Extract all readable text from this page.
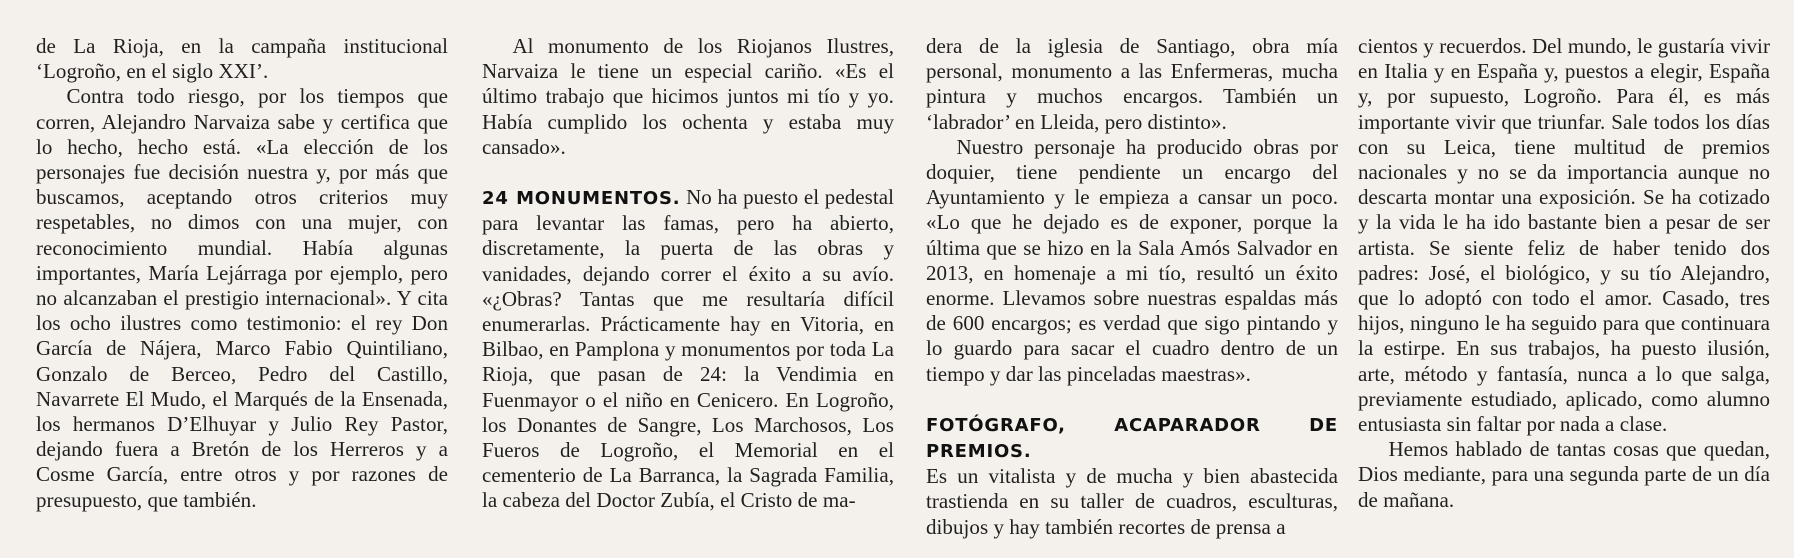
de La Rioja, en la campaña institucional ‘Logroño, en el siglo XXI’.

Contra todo riesgo, por los tiempos que corren, Alejandro Narvaiza sabe y certifica que lo hecho, hecho está. «La elección de los personajes fue decisión nuestra y, por más que buscamos, aceptando otros criterios muy respetables, no dimos con una mujer, con reconocimiento mundial. Había algunas importantes, María Lejárraga por ejemplo, pero no alcanzaban el prestigio internacional». Y cita los ocho ilustres como testimonio: el rey Don García de Nájera, Marco Fabio Quintiliano, Gonzalo de Berceo, Pedro del Castillo, Navarrete El Mudo, el Marqués de la Ensenada, los hermanos D’Elhuyar y Julio Rey Pastor, dejando fuera a Bretón de los Herreros y a Cosme García, entre otros y por razones de presupuesto, que también.

Al monumento de los Riojanos Ilustres, Narvaiza le tiene un especial cariño. «Es el último trabajo que hicimos juntos mi tío y yo. Había cumplido los ochenta y estaba muy cansado».

24 MONUMENTOS. No ha puesto el pedestal para levantar las famas, pero ha abierto, discretamente, la puerta de las obras y vanidades, dejando correr el éxito a su avío. «¿Obras? Tantas que me resultaría difícil enumerarlas. Prácticamente hay en Vitoria, en Bilbao, en Pamplona y monumentos por toda La Rioja, que pasan de 24: la Vendimia en Fuenmayor o el niño en Cenicero. En Logroño, los Donantes de Sangre, Los Marchosos, Los Fueros de Logroño, el Memorial en el cementerio de La Barranca, la Sagrada Familia, la cabeza del Doctor Zubía, el Cristo de ma-

dera de la iglesia de Santiago, obra mía personal, monumento a las Enfermeras, mucha pintura y muchos encargos. También un ‘labrador’ en Lleida, pero distinto».

Nuestro personaje ha producido obras por doquier, tiene pendiente un encargo del Ayuntamiento y le empieza a cansar un poco. «Lo que he dejado es de exponer, porque la última que se hizo en la Sala Amós Salvador en 2013, en homenaje a mi tío, resultó un éxito enorme. Llevamos sobre nuestras espaldas más de 600 encargos; es verdad que sigo pintando y lo guardo para sacar el cuadro dentro de un tiempo y dar las pinceladas maestras».

FOTÓGRAFO, ACAPARADOR DE PREMIOS.
Es un vitalista y de mucha y bien abastecida trastienda en su taller de cuadros, esculturas, dibujos y hay también recortes de prensa a

cientos y recuerdos. Del mundo, le gustaría vivir en Italia y en España y, puestos a elegir, España y, por supuesto, Logroño. Para él, es más importante vivir que triunfar. Sale todos los días con su Leica, tiene multitud de premios nacionales y no se da importancia aunque no descarta montar una exposición. Se ha cotizado y la vida le ha ido bastante bien a pesar de ser artista. Se siente feliz de haber tenido dos padres: José, el biológico, y su tío Alejandro, que lo adoptó con todo el amor. Casado, tres hijos, ninguno le ha seguido para que continuara la estirpe. En sus trabajos, ha puesto ilusión, arte, método y fantasía, nunca a lo que salga, previamente estudiado, aplicado, como alumno entusiasta sin faltar por nada a clase.

Hemos hablado de tantas cosas que quedan, Dios mediante, para una segunda parte de un día de mañana.
